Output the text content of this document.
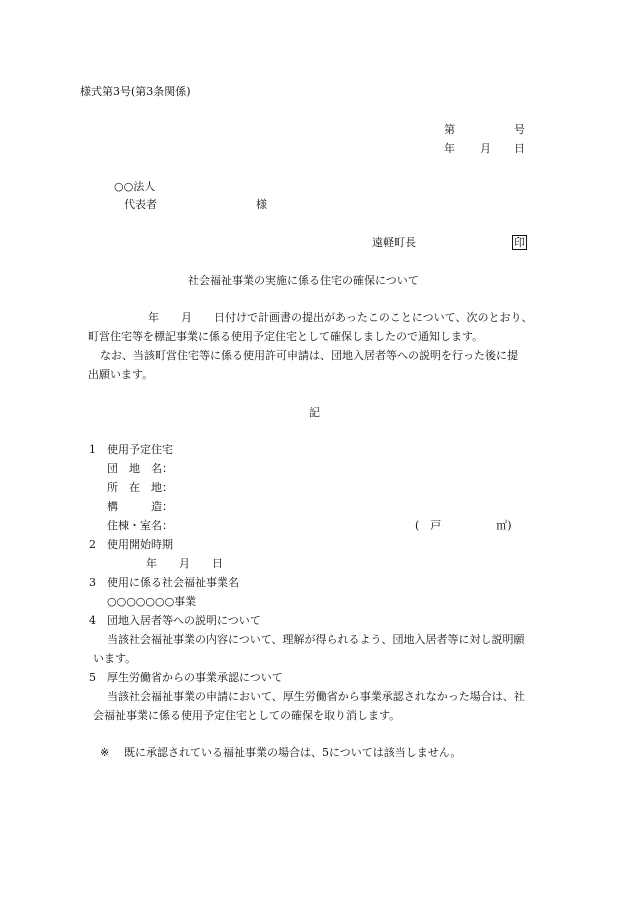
様式第3号(第3条関係)
第	号
年 月 日
○○法人
代表者	様
遠軽町長	印
社会福祉事業の実施に係る住宅の確保について
年　　月　　日付けで計画書の提出があったこのことについて、次のとおり、
町営住宅等を標記事業に係る使用予定住宅として確保しましたので通知します。
なお、当該町営住宅等に係る使用許可申請は、団地入居者等への説明を行った後に提
出願います。
記
1 使用予定住宅
団　地　名：
所　在　地：
構　　　造：
住棟・室名：	(　戸　　　　　㎡)
2 使用開始時期
年　　月　　日
3 使用に係る社会福祉事業名
○○○○○○○事業
4 団地入居者等への説明について
当該社会福祉事業の内容について、理解が得られるよう、団地入居者等に対し説明願
います。
5 厚生労働省からの事業承認について
当該社会福祉事業の申請において、厚生労働省から事業承認されなかった場合は、社
会福祉事業に係る使用予定住宅としての確保を取り消します。
※ 既に承認されている福祉事業の場合は、5については該当しません。
